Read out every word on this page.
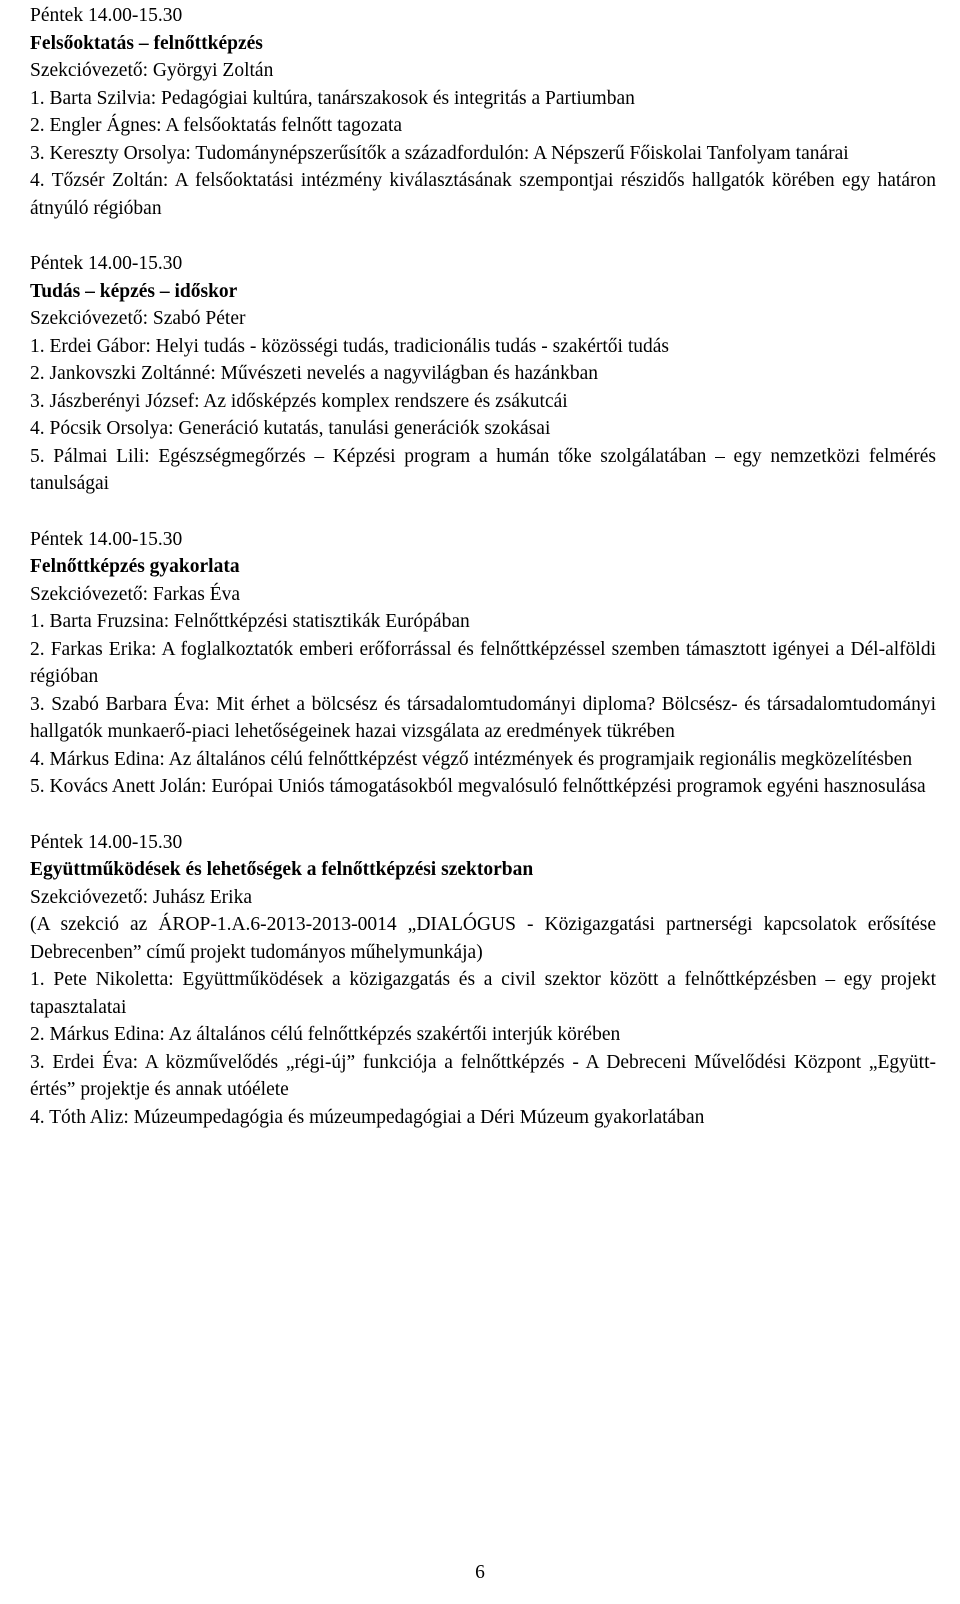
Péntek 14.00-15.30
Felsőoktatás – felnőttképzés
Szekcióvezető: Györgyi Zoltán
1. Barta Szilvia: Pedagógiai kultúra, tanárszakosok és integritás a Partiumban
2. Engler Ágnes: A felsőoktatás felnőtt tagozata
3. Kereszty Orsolya: Tudománynépszerűsítők a századfordulón: A Népszerű Főiskolai Tanfolyam tanárai
4. Tőzsér Zoltán: A felsőoktatási intézmény kiválasztásának szempontjai részidős hallgatók körében egy határon átnyúló régióban
Péntek 14.00-15.30
Tudás – képzés – időskor
Szekcióvezető: Szabó Péter
1. Erdei Gábor: Helyi tudás - közösségi tudás, tradicionális tudás - szakértői tudás
2. Jankovszki Zoltánné: Művészeti nevelés a nagyvilágban és hazánkban
3. Jászberényi József: Az idősképzés komplex rendszere és zsákutcái
4. Pócsik Orsolya: Generáció kutatás, tanulási generációk szokásai
5. Pálmai Lili: Egészségmegőrzés – Képzési program a humán tőke szolgálatában – egy nemzetközi felmérés tanulságai
Péntek 14.00-15.30
Felnőttképzés gyakorlata
Szekcióvezető: Farkas Éva
1. Barta Fruzsina: Felnőttképzési statisztikák Európában
2. Farkas Erika: A foglalkoztatók emberi erőforrással és felnőttképzéssel szemben támasztott igényei a Dél-alföldi régióban
3. Szabó Barbara Éva: Mit érhet a bölcsész és társadalomtudományi diploma? Bölcsész- és társadalomtudományi hallgatók munkaerő-piaci lehetőségeinek hazai vizsgálata az eredmények tükrében
4. Márkus Edina: Az általános célú felnőttképzést végző intézmények és programjaik regionális megközelítésben
5. Kovács Anett Jolán: Európai Uniós támogatásokból megvalósuló felnőttképzési programok egyéni hasznosulása
Péntek 14.00-15.30
Együttműködések és lehetőségek a felnőttképzési szektorban
Szekcióvezető: Juhász Erika
(A szekció az ÁROP-1.A.6-2013-2013-0014 „DIALÓGUS - Közigazgatási partnerségi kapcsolatok erősítése Debrecenben” című projekt tudományos műhelymunkája)
1. Pete Nikoletta: Együttműködések a közigazgatás és a civil szektor között a felnőttképzésben – egy projekt tapasztalatai
2. Márkus Edina: Az általános célú felnőttképzés szakértői interjúk körében
3. Erdei Éva: A közművelődés „régi-új” funkciója a felnőttképzés - A Debreceni Művelődési Központ „Együtt-értés” projektje és annak utóélete
4. Tóth Aliz: Múzeumpedagógia és múzeumpedagógiai a Déri Múzeum gyakorlatában
6
